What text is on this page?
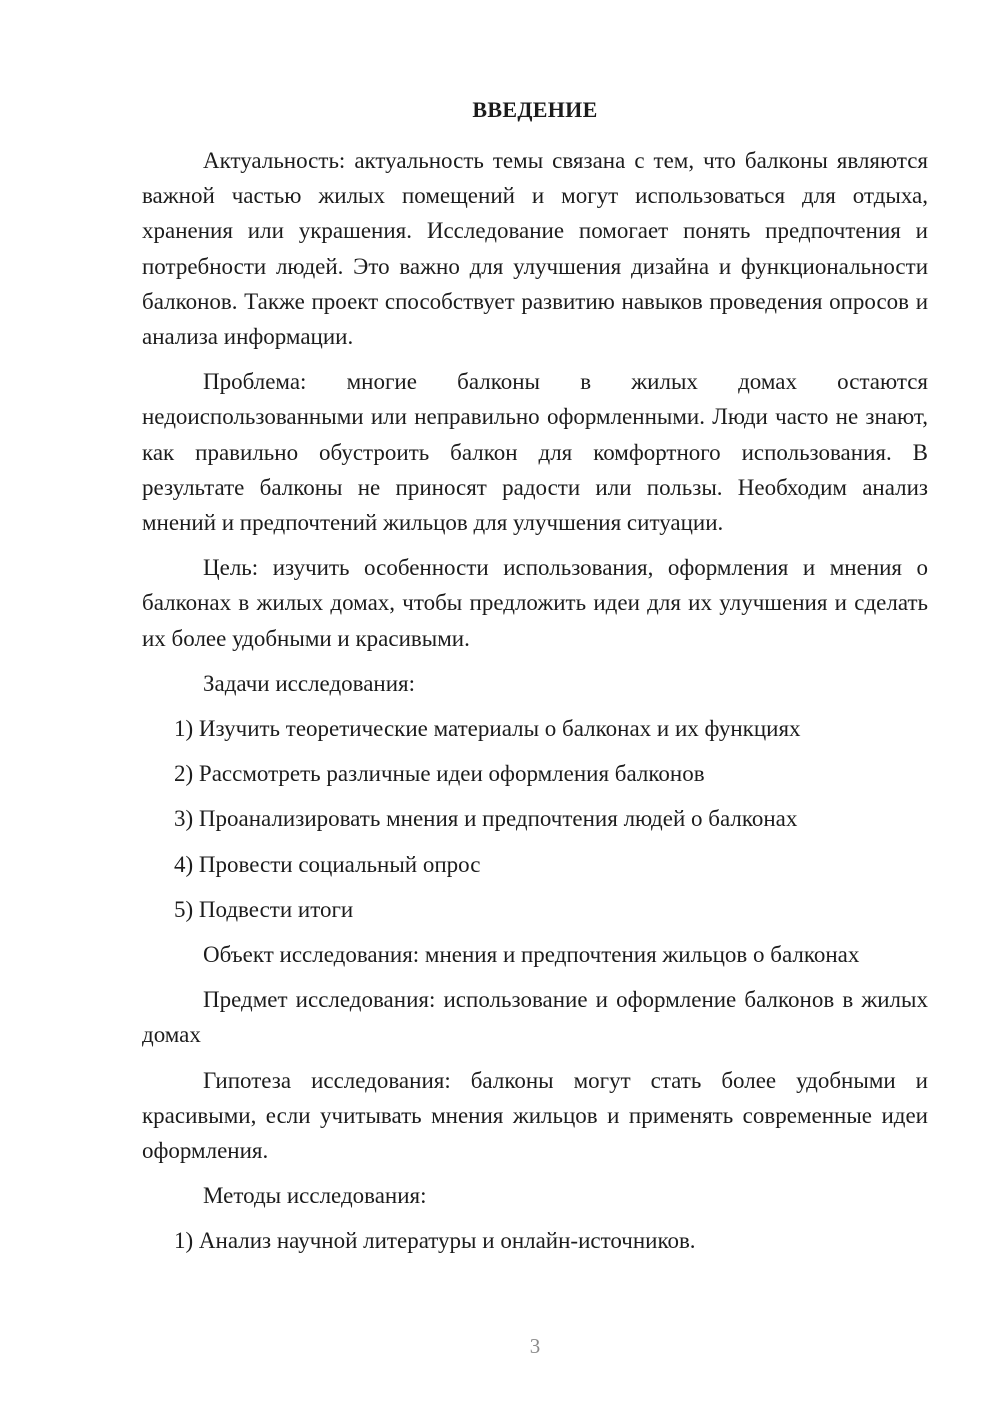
ВВЕДЕНИЕ

Актуальность: актуальность темы связана с тем, что балконы являются важной частью жилых помещений и могут использоваться для отдыха, хранения или украшения. Исследование помогает понять предпочтения и потребности людей. Это важно для улучшения дизайна и функциональности балконов. Также проект способствует развитию навыков проведения опросов и анализа информации.

Проблема: многие балконы в жилых домах остаются недоиспользованными или неправильно оформленными. Люди часто не знают, как правильно обустроить балкон для комфортного использования. В результате балконы не приносят радости или пользы. Необходим анализ мнений и предпочтений жильцов для улучшения ситуации.

Цель: изучить особенности использования, оформления и мнения о балконах в жилых домах, чтобы предложить идеи для их улучшения и сделать их более удобными и красивыми.

Задачи исследования:

1) Изучить теоретические материалы о балконах и их функциях

2) Рассмотреть различные идеи оформления балконов

3) Проанализировать мнения и предпочтения людей о балконах

4) Провести социальный опрос

5) Подвести итоги

Объект исследования: мнения и предпочтения жильцов о балконах

Предмет исследования: использование и оформление балконов в жилых домах

Гипотеза исследования: балконы могут стать более удобными и красивыми, если учитывать мнения жильцов и применять современные идеи оформления.

Методы исследования:

1) Анализ научной литературы и онлайн-источников.

3
